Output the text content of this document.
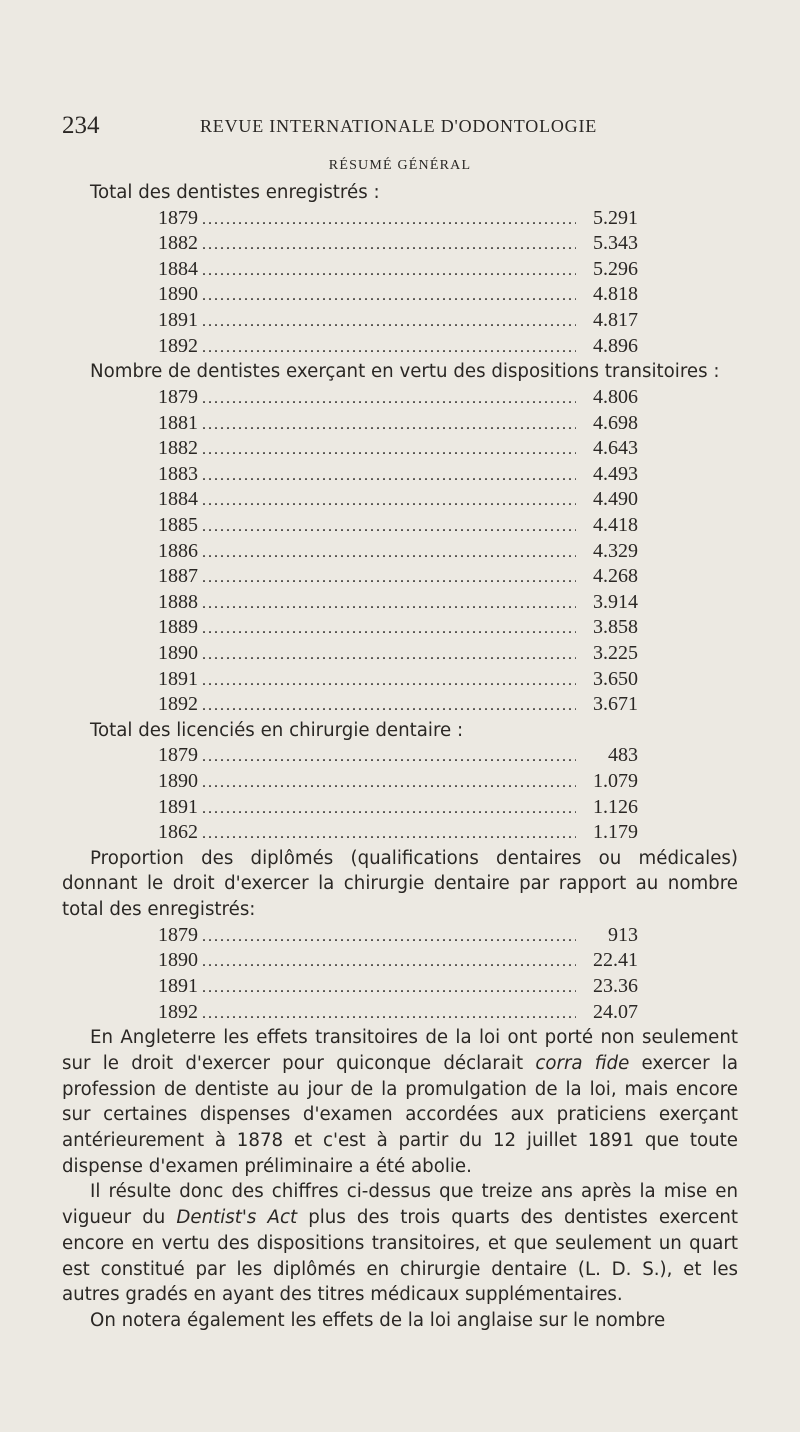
234	REVUE INTERNATIONALE D'ODONTOLOGIE
RÉSUMÉ GÉNÉRAL

Total des dentistes enregistrés :

1879 .....	5.291
1882 .....	5.343
1884 .....	5.296
1890 .....	4.818
1891 .....	4.817
1892 .....	4.896

Nombre de dentistes exerçant en vertu des dispositions transitoires :

1879 .....	4.806
1881 .....	4.698
1882 .....	4.643
1883 .....	4.493
1884 .....	4.490
1885 .....	4.418
1886 .....	4.329
1887 .....	4.268
1888 .....	3.914
1889 .....	3.858
1890 .....	3.225
1891 .....	3.650
1892 .....	3.671

Total des licenciés en chirurgie dentaire :

1879 .....	483
1890 .....	1.079
1891 .....	1.126
1862 .....	1.179

Proportion des diplômés (qualifications dentaires ou médicales) donnant le droit d'exercer la chirurgie dentaire par rapport au nombre total des enregistrés:

1879 .....	913
1890 .....	22.41
1891 .....	23.36
1892 .....	24.07

En Angleterre les effets transitoires de la loi ont porté non seulement sur le droit d'exercer pour quiconque déclarait corra fide exercer la profession de dentiste au jour de la promulgation de la loi, mais encore sur certaines dispenses d'examen accordées aux praticiens exerçant antérieurement à 1878 et c'est à partir du 12 juillet 1891 que toute dispense d'examen préliminaire a été abolie.

Il résulte donc des chiffres ci-dessus que treize ans après la mise en vigueur du Dentist's Act plus des trois quarts des dentistes exercent encore en vertu des dispositions transitoires, et que seulement un quart est constitué par les diplômés en chirurgie dentaire (L. D. S.), et les autres gradés en ayant des titres médicaux supplémentaires.

On notera également les effets de la loi anglaise sur le nombre
